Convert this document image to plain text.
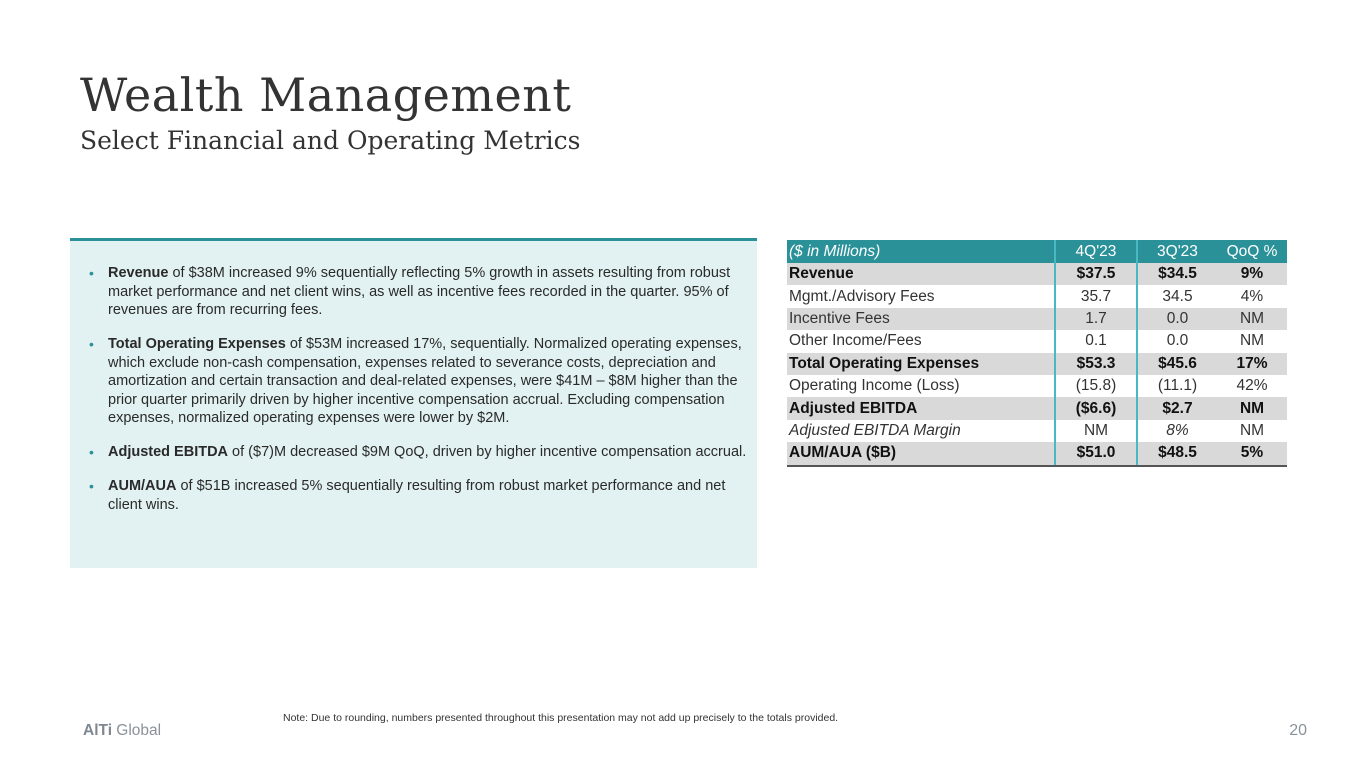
Wealth Management
Select Financial and Operating Metrics
• Revenue of $38M increased 9% sequentially reflecting 5% growth in assets resulting from robust market performance and net client wins, as well as incentive fees recorded in the quarter. 95% of revenues are from recurring fees.
• Total Operating Expenses of $53M increased 17%, sequentially. Normalized operating expenses, which exclude non-cash compensation, expenses related to severance costs, depreciation and amortization and certain transaction and deal-related expenses, were $41M – $8M higher than the prior quarter primarily driven by higher incentive compensation accrual. Excluding compensation expenses, normalized operating expenses were lower by $2M.
• Adjusted EBITDA of ($7)M decreased $9M QoQ, driven by higher incentive compensation accrual.
• AUM/AUA of $51B increased 5% sequentially resulting from robust market performance and net client wins.
($ in Millions)	4Q'23	3Q'23	QoQ %
Revenue	$37.5	$34.5	9%
Mgmt./Advisory Fees	35.7	34.5	4%
Incentive Fees	1.7	0.0	NM
Other Income/Fees	0.1	0.0	NM
Total Operating Expenses	$53.3	$45.6	17%
Operating Income (Loss)	(15.8)	(11.1)	42%
Adjusted EBITDA	($6.6)	$2.7	NM
Adjusted EBITDA Margin	NM	8%	NM
AUM/AUA ($B)	$51.0	$48.5	5%
AlTi Global
Note: Due to rounding, numbers presented throughout this presentation may not add up precisely to the totals provided.
20
